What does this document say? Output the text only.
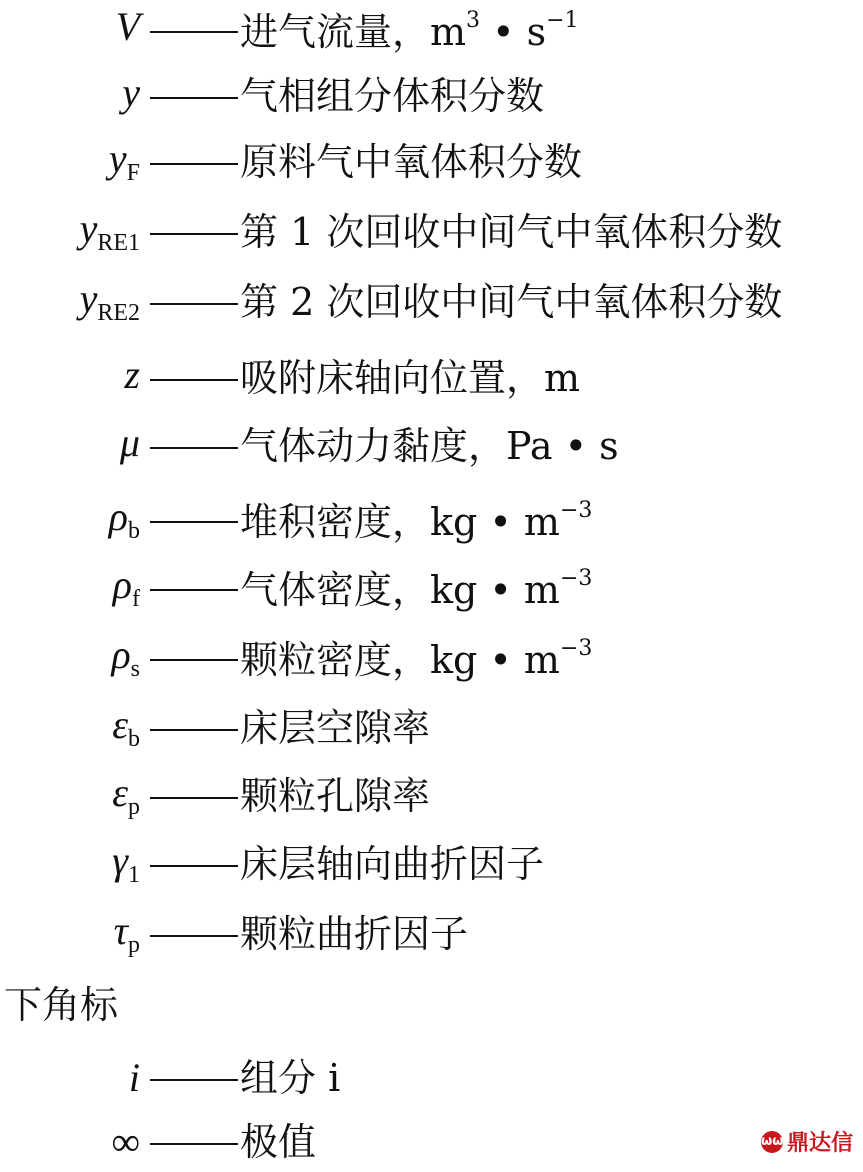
V	进气流量，$m^3$ • $s^{-1}$
y	气相组分体积分数
$y_F$	原料气中氧体积分数
$y_{RE1}$	第 1 次回收中间气中氧体积分数
$y_{RE2}$	第 2 次回收中间气中氧体积分数
z	吸附床轴向位置，m
μ	气体动力黏度，Pa • s
$\rho_b$	堆积密度，kg • $m^{-3}$
$\rho_f$	气体密度，kg • $m^{-3}$
$\rho_s$	颗粒密度，kg • $m^{-3}$
$\varepsilon_b$	床层空隙率
$\varepsilon_p$	颗粒孔隙率
$\gamma_1$	床层轴向曲折因子
$\tau_p$	颗粒曲折因子
下角标
i	组分 i
∞	极值	ωω 鼎达信
